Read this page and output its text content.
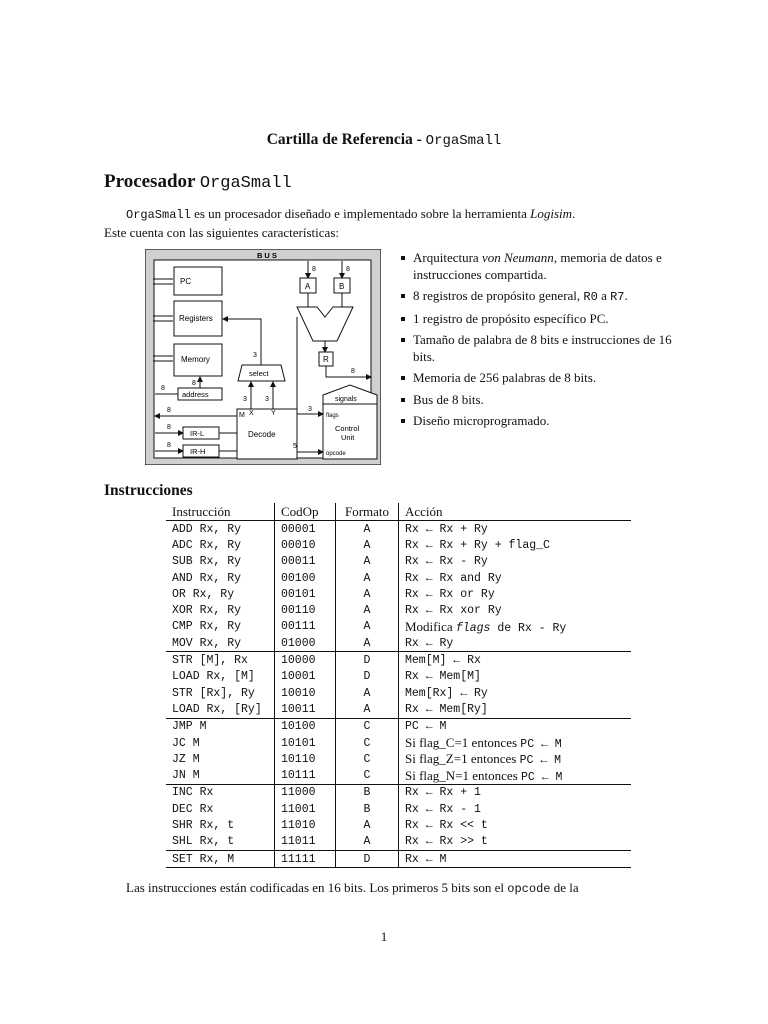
Cartilla de Referencia - OrgaSmall
Procesador OrgaSmall
OrgaSmall es un procesador diseñado e implementado sobre la herramienta Logisim.
Este cuenta con las siguientes características:
BUS
PC
Registers
Memory
address
8
8
select
3
Decode
M X Y
3	3
8
IR-L
IR-H
8
8
A	B
8	8
R
8
signals
flags
Control
Unit
opcode
3
5
Arquitectura von Neumann, memoria de datos e instrucciones compartida.
8 registros de propósito general, R0 a R7.
1 registro de propósito específico PC.
Tamaño de palabra de 8 bits e instrucciones de 16 bits.
Memoria de 256 palabras de 8 bits.
Bus de 8 bits.
Diseño microprogramado.
Instrucciones
Instrucción	CodOp	Formato	Acción
ADD Rx, Ry	00001	A	Rx ← Rx + Ry
ADC Rx, Ry	00010	A	Rx ← Rx + Ry + flag_C
SUB Rx, Ry	00011	A	Rx ← Rx - Ry
AND Rx, Ry	00100	A	Rx ← Rx and Ry
OR Rx, Ry	00101	A	Rx ← Rx or Ry
XOR Rx, Ry	00110	A	Rx ← Rx xor Ry
CMP Rx, Ry	00111	A	Modifica flags de Rx - Ry
MOV Rx, Ry	01000	A	Rx ← Ry
STR [M], Rx	10000	D	Mem[M] ← Rx
LOAD Rx, [M]	10001	D	Rx ← Mem[M]
STR [Rx], Ry	10010	A	Mem[Rx] ← Ry
LOAD Rx, [Ry]	10011	A	Rx ← Mem[Ry]
JMP M	10100	C	PC ← M
JC M	10101	C	Si flag_C=1 entonces PC ← M
JZ M	10110	C	Si flag_Z=1 entonces PC ← M
JN M	10111	C	Si flag_N=1 entonces PC ← M
INC Rx	11000	B	Rx ← Rx + 1
DEC Rx	11001	B	Rx ← Rx - 1
SHR Rx, t	11010	A	Rx ← Rx << t
SHL Rx, t	11011	A	Rx ← Rx >> t
SET Rx, M	11111	D	Rx ← M
Las instrucciones están codificadas en 16 bits. Los primeros 5 bits son el opcode de la
1
